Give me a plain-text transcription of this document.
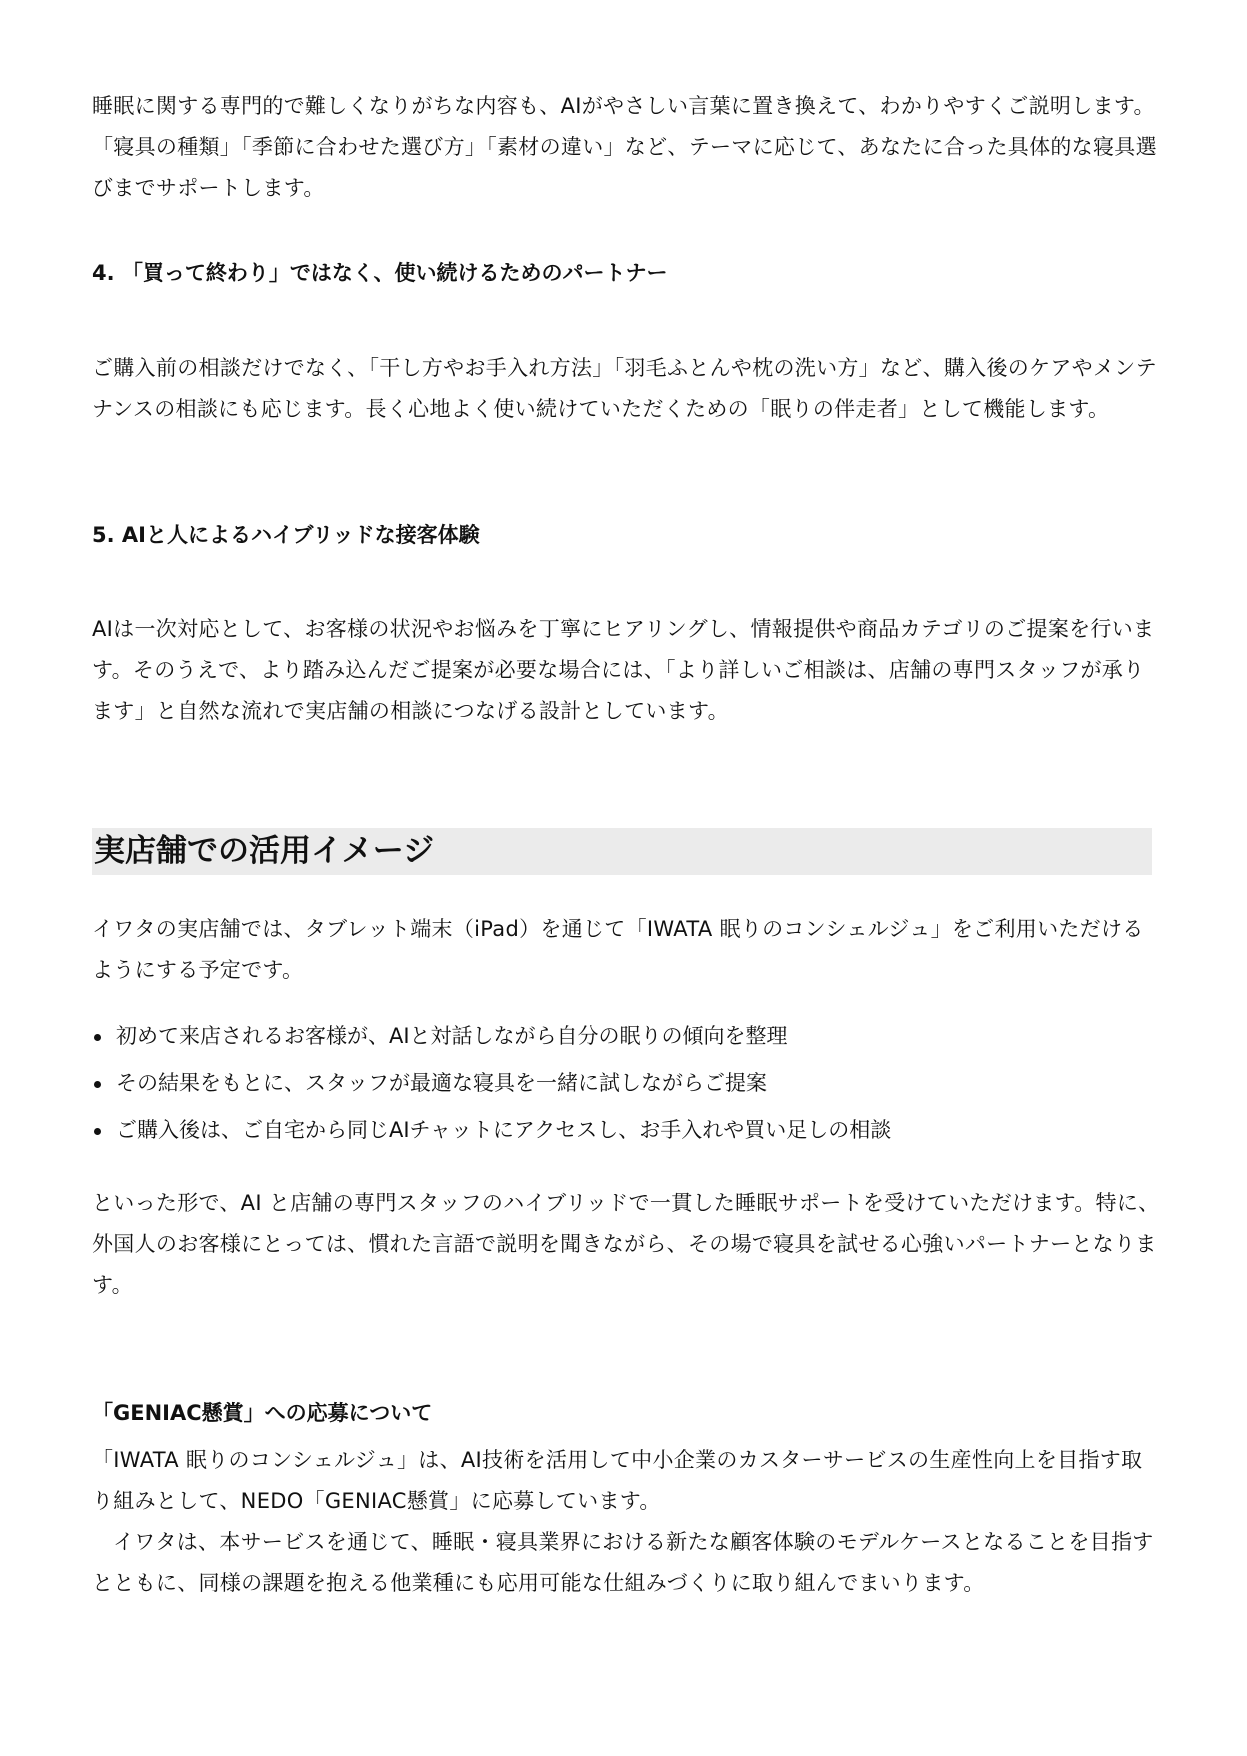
睡眠に関する専門的で難しくなりがちな内容も、AIがやさしい言葉に置き換えて、わかりやすくご説明します。「寝具の種類」「季節に合わせた選び方」「素材の違い」など、テーマに応じて、あなたに合った具体的な寝具選びまでサポートします。

4. 「買って終わり」ではなく、使い続けるためのパートナー

ご購入前の相談だけでなく、「干し方やお手入れ方法」「羽毛ふとんや枕の洗い方」など、購入後のケアやメンテナンスの相談にも応じます。長く心地よく使い続けていただくための「眠りの伴走者」として機能します。

5. AIと人によるハイブリッドな接客体験

AIは一次対応として、お客様の状況やお悩みを丁寧にヒアリングし、情報提供や商品カテゴリのご提案を行います。そのうえで、より踏み込んだご提案が必要な場合には、「より詳しいご相談は、店舗の専門スタッフが承ります」と自然な流れで実店舗の相談につなげる設計としています。

実店舗での活用イメージ

イワタの実店舗では、タブレット端末（iPad）を通じて「IWATA 眠りのコンシェルジュ」をご利用いただけるようにする予定です。

初めて来店されるお客様が、AIと対話しながら自分の眠りの傾向を整理
その結果をもとに、スタッフが最適な寝具を一緒に試しながらご提案
ご購入後は、ご自宅から同じAIチャットにアクセスし、お手入れや買い足しの相談

といった形で、AI と店舗の専門スタッフのハイブリッドで一貫した睡眠サポートを受けていただけます。特に、外国人のお客様にとっては、慣れた言語で説明を聞きながら、その場で寝具を試せる心強いパートナーとなります。

「GENIAC懸賞」への応募について

「IWATA 眠りのコンシェルジュ」は、AI技術を活用して中小企業のカスターサービスの生産性向上を目指す取り組みとして、NEDO「GENIAC懸賞」に応募しています。

イワタは、本サービスを通じて、睡眠・寝具業界における新たな顧客体験のモデルケースとなることを目指すとともに、同様の課題を抱える他業種にも応用可能な仕組みづくりに取り組んでまいります。
